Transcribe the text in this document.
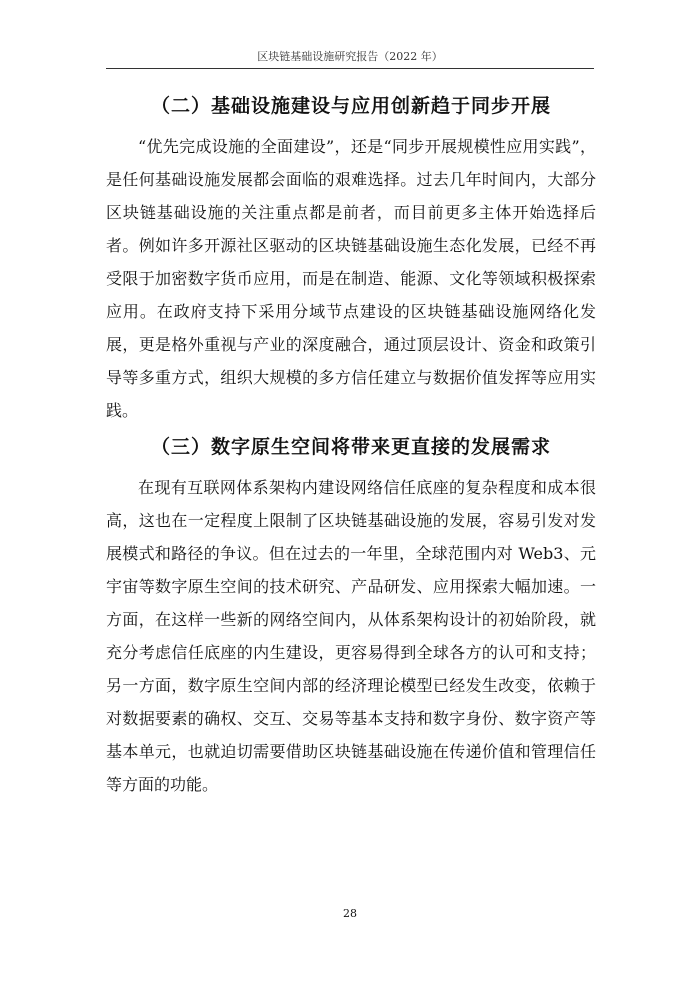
区块链基础设施研究报告（2022 年）
（二）基础设施建设与应用创新趋于同步开展

“优先完成设施的全面建设”，还是“同步开展规模性应用实践”，是任何基础设施发展都会面临的艰难选择。过去几年时间内，大部分区块链基础设施的关注重点都是前者，而目前更多主体开始选择后者。例如许多开源社区驱动的区块链基础设施生态化发展，已经不再受限于加密数字货币应用，而是在制造、能源、文化等领域积极探索应用。在政府支持下采用分域节点建设的区块链基础设施网络化发展，更是格外重视与产业的深度融合，通过顶层设计、资金和政策引导等多重方式，组织大规模的多方信任建立与数据价值发挥等应用实践。

（三）数字原生空间将带来更直接的发展需求

在现有互联网体系架构内建设网络信任底座的复杂程度和成本很高，这也在一定程度上限制了区块链基础设施的发展，容易引发对发展模式和路径的争议。但在过去的一年里，全球范围内对 Web3、元宇宙等数字原生空间的技术研究、产品研发、应用探索大幅加速。一方面，在这样一些新的网络空间内，从体系架构设计的初始阶段，就充分考虑信任底座的内生建设，更容易得到全球各方的认可和支持；另一方面，数字原生空间内部的经济理论模型已经发生改变，依赖于对数据要素的确权、交互、交易等基本支持和数字身份、数字资产等基本单元，也就迫切需要借助区块链基础设施在传递价值和管理信任等方面的功能。

28
